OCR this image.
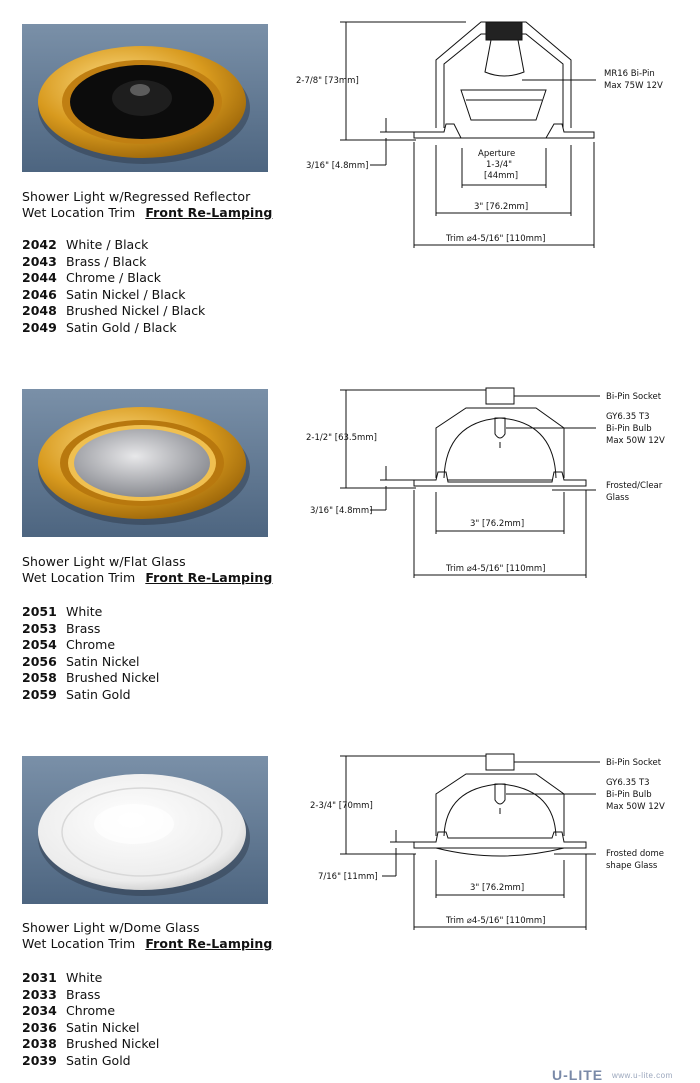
Shower Light w/Regressed Reflector
Wet Location Trim Front Re-Lamping
2042 White / Black
2043 Brass / Black
2044 Chrome / Black
2046 Satin Nickel / Black
2048 Brushed Nickel / Black
2049 Satin Gold / Black
2-7/8" [73mm]
MR16 Bi-Pin
Max 75W 12V
3/16" [4.8mm]
Aperture
1-3/4"
[44mm]
3" [76.2mm]
Trim ⌀4-5/16" [110mm]
Shower Light w/Flat Glass
Wet Location Trim Front Re-Lamping
2051 White
2053 Brass
2054 Chrome
2056 Satin Nickel
2058 Brushed Nickel
2059 Satin Gold
2-1/2" [63.5mm]
Bi-Pin Socket
GY6.35 T3
Bi-Pin Bulb
Max 50W 12V
Frosted/Clear
Glass
3/16" [4.8mm]
3" [76.2mm]
Trim ⌀4-5/16" [110mm]
Shower Light w/Dome Glass
Wet Location Trim Front Re-Lamping
2031 White
2033 Brass
2034 Chrome
2036 Satin Nickel
2038 Brushed Nickel
2039 Satin Gold
2-3/4" [70mm]
Bi-Pin Socket
GY6.35 T3
Bi-Pin Bulb
Max 50W 12V
Frosted dome
shape Glass
7/16" [11mm]
3" [76.2mm]
Trim ⌀4-5/16" [110mm]
U-LITE www.u-lite.com
